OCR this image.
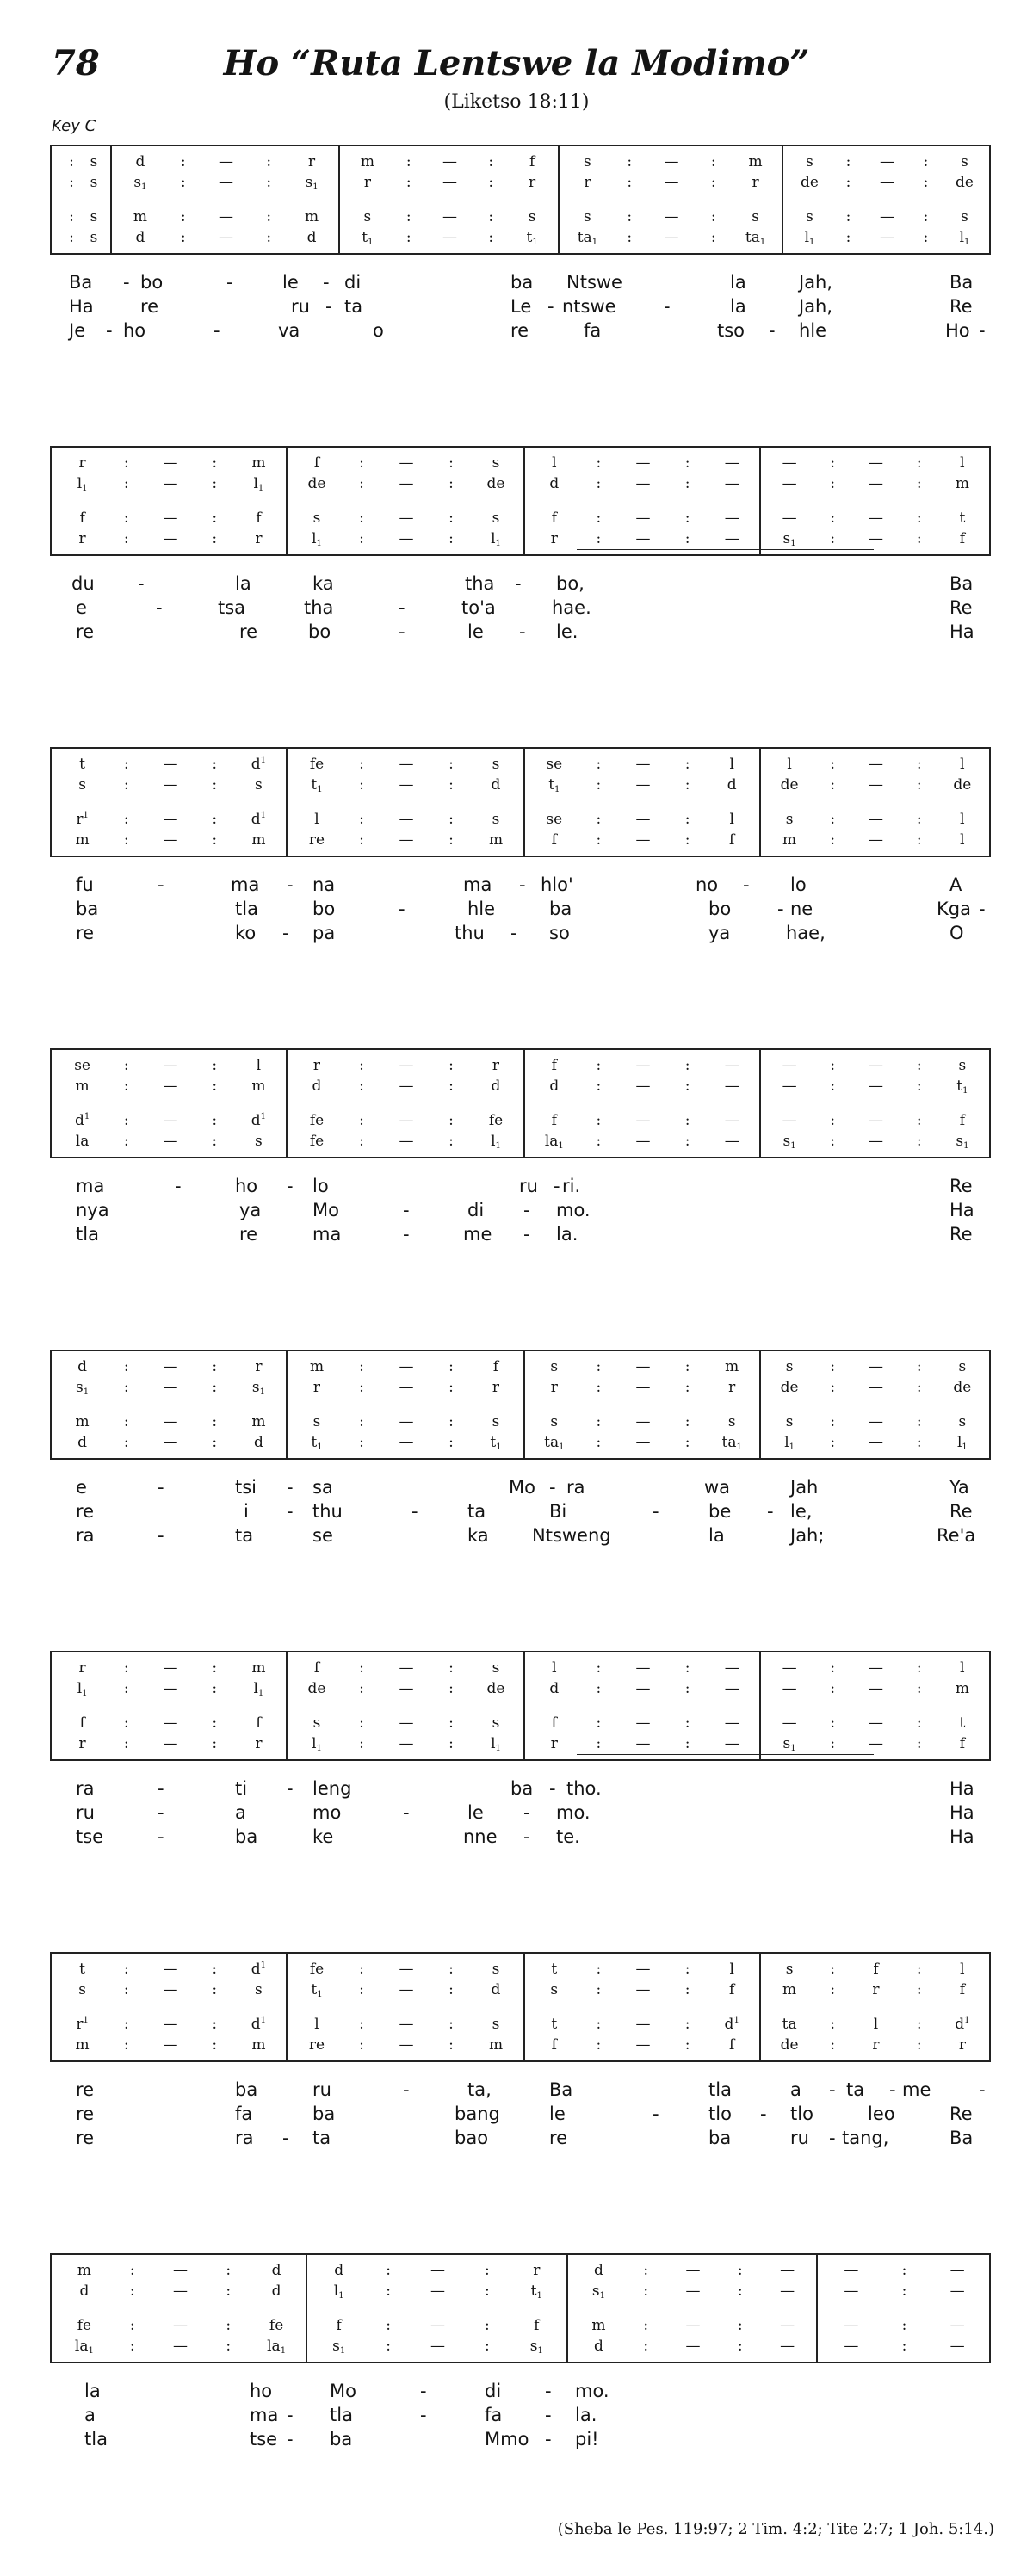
78	Ho “Ruta Lentswe la Modimo”
(Liketso 18:11)
Key C
:	s	d	:	—	:	r	m	:	—	:	f	s	:	—	:	m	s	:	—	:	s
:	s	$s_1$	:	—	:	$s_1$	r	:	—	:	r	r	:	—	:	r	de	:	—	:	de
:	s	m	:	—	:	m	s	:	—	:	s	s	:	—	:	s	s	:	—	:	s
:	s	d	:	—	:	d	$t_1$	:	—	:	$t_1$	$ta_1$	:	—	:	$ta_1$	$l_1$	:	—	:	$l_1$
Ba - bo	-	le - di	ba Ntswe	la	Jah,	Ba
Ha	re	ru - ta	Le - ntswe	-	la	Jah,	Re
Je - ho	-	va	o	re	fa	tso - hle	Ho -
r	:	—	:	m	f	:	—	:	s	l	:	—	:	—	—	:	—	:	l
$l_1$	:	—	:	$l_1$	de	:	—	:	de	d	:	—	:	—	—	:	—	:	m
f	:	—	:	f	s	:	—	:	s	f	:	—	:	—	—	:	—	:	t
r	:	—	:	r	$l_1$	:	—	:	$l_1$	r	:	—	:	—	$s_1$	:	—	:	f
du -	la	ka	tha - bo,	Ba
e	-	tsa	tha	-	to'a	hae.	Re
re	re	bo	-	le - le.	Ha
t	:	—	:	$d^1$	fe	:	—	:	s	se	:	—	:	l	l	:	—	:	l
s	:	—	:	s	$t_1$	:	—	:	d	$t_1$	:	—	:	d	de	:	—	:	de
$r^1$	:	—	:	$d^1$	l	:	—	:	s	se	:	—	:	l	s	:	—	:	l
m	:	—	:	m	re	:	—	:	m	f	:	—	:	f	m	:	—	:	l
fu	-	ma - na	ma - hlo'	no - lo	A
ba	tla	bo	-	hle	ba	bo	- ne	Kga -
re	ko - pa	thu - so	ya	hae,	O
se	:	—	:	l	r	:	—	:	r	f	:	—	:	—	—	:	—	:	s
m	:	—	:	m	d	:	—	:	d	d	:	—	:	—	—	:	—	:	$t_1$
$d^1$	:	—	:	$d^1$	fe	:	—	:	fe	f	:	—	:	—	—	:	—	:	f
la	:	—	:	s	fe	:	—	:	$l_1$	$la_1$	:	—	:	—	$s_1$	:	—	:	$s_1$
ma	-	ho - lo	ru - ri.	Re
nya	ya	Mo	-	di - mo.	Ha
tla	re	ma	-	me - la.	Re
d	:	—	:	r	m	:	—	:	f	s	:	—	:	m	s	:	—	:	s
$s_1$	:	—	:	$s_1$	r	:	—	:	r	r	:	—	:	r	de	:	—	:	de
m	:	—	:	m	s	:	—	:	s	s	:	—	:	s	s	:	—	:	s
d	:	—	:	d	$t_1$	:	—	:	$t_1$	$ta_1$	:	—	:	$ta_1$	$l_1$	:	—	:	$l_1$
e	-	tsi - sa	Mo - ra	wa	Jah	Ya
re	i - thu	-	ta	Bi	-	be - le,	Re
ra	-	ta	se	ka Ntsweng	la	Jah;	Re'a
r	:	—	:	m	f	:	—	:	s	l	:	—	:	—	—	:	—	:	l
$l_1$	:	—	:	$l_1$	de	:	—	:	de	d	:	—	:	—	—	:	—	:	m
f	:	—	:	f	s	:	—	:	s	f	:	—	:	—	—	:	—	:	t
r	:	—	:	r	$l_1$	:	—	:	$l_1$	r	:	—	:	—	$s_1$	:	—	:	f
ra	-	ti - leng	ba - tho.	Ha
ru	-	a	mo	-	le - mo.	Ha
tse	-	ba	ke	nne - te.	Ha
t	:	—	:	$d^1$	fe	:	—	:	s	t	:	—	:	l	s	:	f	:	l
s	:	—	:	s	$t_1$	:	—	:	d	s	:	—	:	f	m	:	r	:	f
$r^1$	:	—	:	$d^1$	l	:	—	:	s	t	:	—	:	$d^1$	ta	:	l	:	$d^1$
m	:	—	:	m	re	:	—	:	m	f	:	—	:	f	de	:	r	:	r
re	ba	ru	-	ta,	Ba	tla	a - ta - me	-
re	fa	ba	bang	le	-	tlo - tlo	leo	Re
re	ra - ta	bao	re	ba	ru - tang,	Ba
m	:	—	:	d	d	:	—	:	r	d	:	—	:	—	—	:	—
d	:	—	:	d	$l_1$	:	—	:	$t_1$	$s_1$	:	—	:	—	—	:	—
fe	:	—	:	fe	f	:	—	:	f	m	:	—	:	—	—	:	—
$la_1$	:	—	:	$la_1$	$s_1$	:	—	:	$s_1$	d	:	—	:	—	—	:	—
la	ho	Mo	-	di - mo.
a	ma - tla	-	fa - la.
tla	tse - ba	Mmo - pi!
(Sheba le Pes. 119:97; 2 Tim. 4:2; Tite 2:7; 1 Joh. 5:14.)
